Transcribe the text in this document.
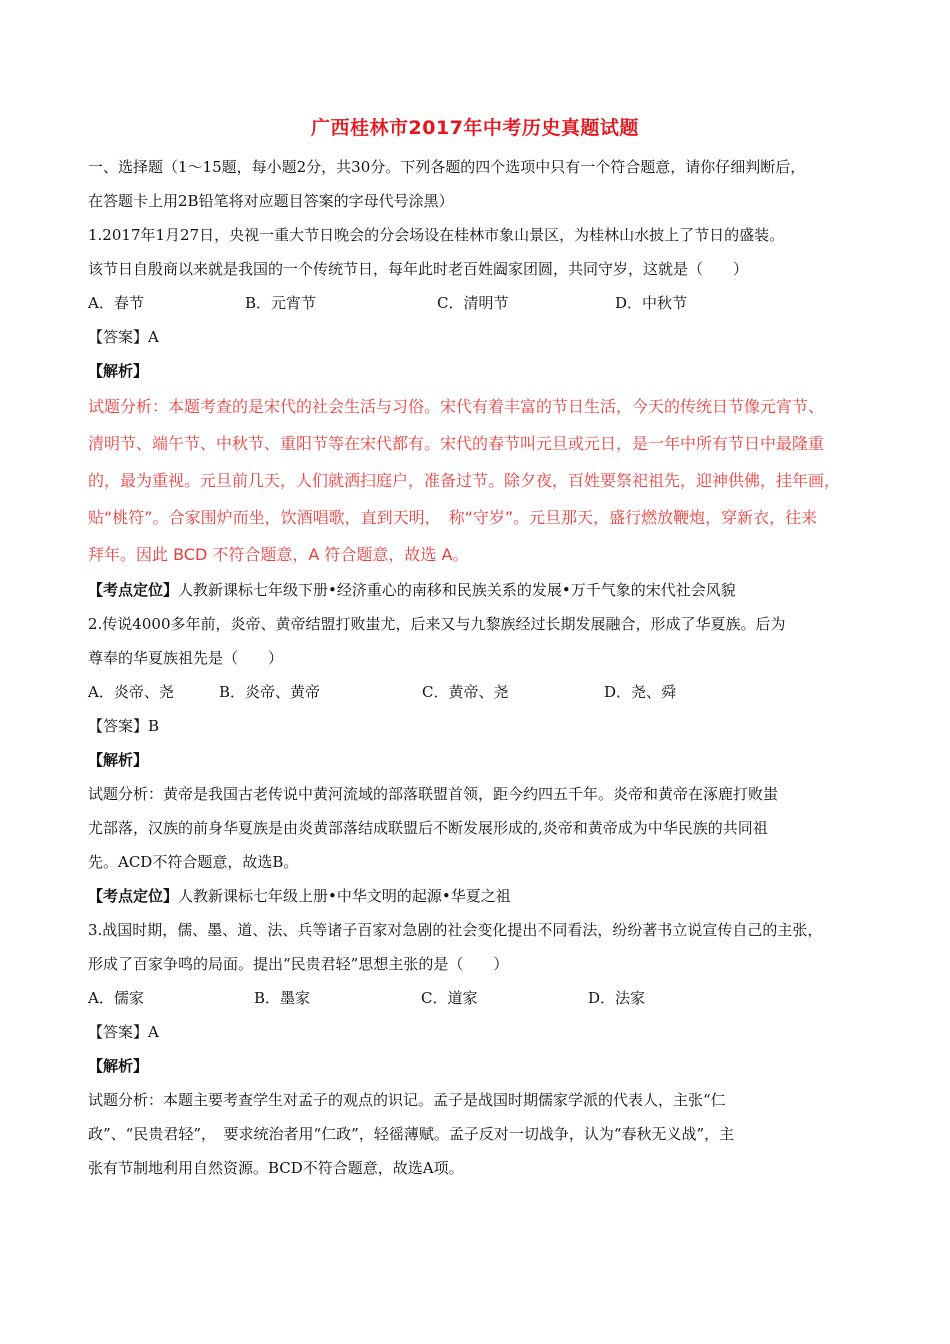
广西桂林市2017年中考历史真题试题
一、选择题（1～15题，每小题2分，共30分。下列各题的四个选项中只有一个符合题意，请你仔细判断后，
在答题卡上用2B铅笔将对应题目答案的字母代号涂黑）
1.2017年1月27日，央视一重大节日晚会的分会场设在桂林市象山景区，为桂林山水披上了节日的盛装。
该节日自殷商以来就是我国的一个传统节日，每年此时老百姓阖家团圆，共同守岁，这就是（　　）
A．春节	B．元宵节	C．清明节	D．中秋节
【答案】A
【解析】
试题分析：本题考查的是宋代的社会生活与习俗。宋代有着丰富的节日生活，今天的传统日节像元宵节、
清明节、端午节、中秋节、重阳节等在宋代都有。宋代的春节叫元旦或元日，是一年中所有节日中最隆重
的，最为重视。元旦前几天，人们就洒扫庭户，准备过节。除夕夜，百姓要祭祀祖先，迎神供佛，挂年画，
贴“桃符”。合家围炉而坐，饮酒唱歌，直到天明，　称“守岁”。元旦那天，盛行燃放鞭炮，穿新衣，往来
拜年。因此 BCD 不符合题意，A 符合题意，故选 A。
【考点定位】人教新课标七年级下册•经济重心的南移和民族关系的发展•万千气象的宋代社会风貌
2.传说4000多年前，炎帝、黄帝结盟打败蚩尤，后来又与九黎族经过长期发展融合，形成了华夏族。后为
尊奉的华夏族祖先是（　　）
A．炎帝、尧	B．炎帝、黄帝	C．黄帝、尧	D．尧、舜
【答案】B
【解析】
试题分析：黄帝是我国古老传说中黄河流域的部落联盟首领，距今约四五千年。炎帝和黄帝在涿鹿打败蚩
尤部落，汉族的前身华夏族是由炎黄部落结成联盟后不断发展形成的,炎帝和黄帝成为中华民族的共同祖
先。ACD不符合题意，故选B。
【考点定位】人教新课标七年级上册•中华文明的起源•华夏之祖
3.战国时期，儒、墨、道、法、兵等诸子百家对急剧的社会变化提出不同看法，纷纷著书立说宣传自己的主张，
形成了百家争鸣的局面。提出“民贵君轻”思想主张的是（　　）
A．儒家	B．墨家	C．道家	D．法家
【答案】A
【解析】
试题分析：本题主要考查学生对孟子的观点的识记。孟子是战国时期儒家学派的代表人，主张“仁
政”、“民贵君轻”，　要求统治者用“仁政”，轻徭薄赋。孟子反对一切战争，认为“春秋无义战”，主
张有节制地利用自然资源。BCD不符合题意，故选A项。
